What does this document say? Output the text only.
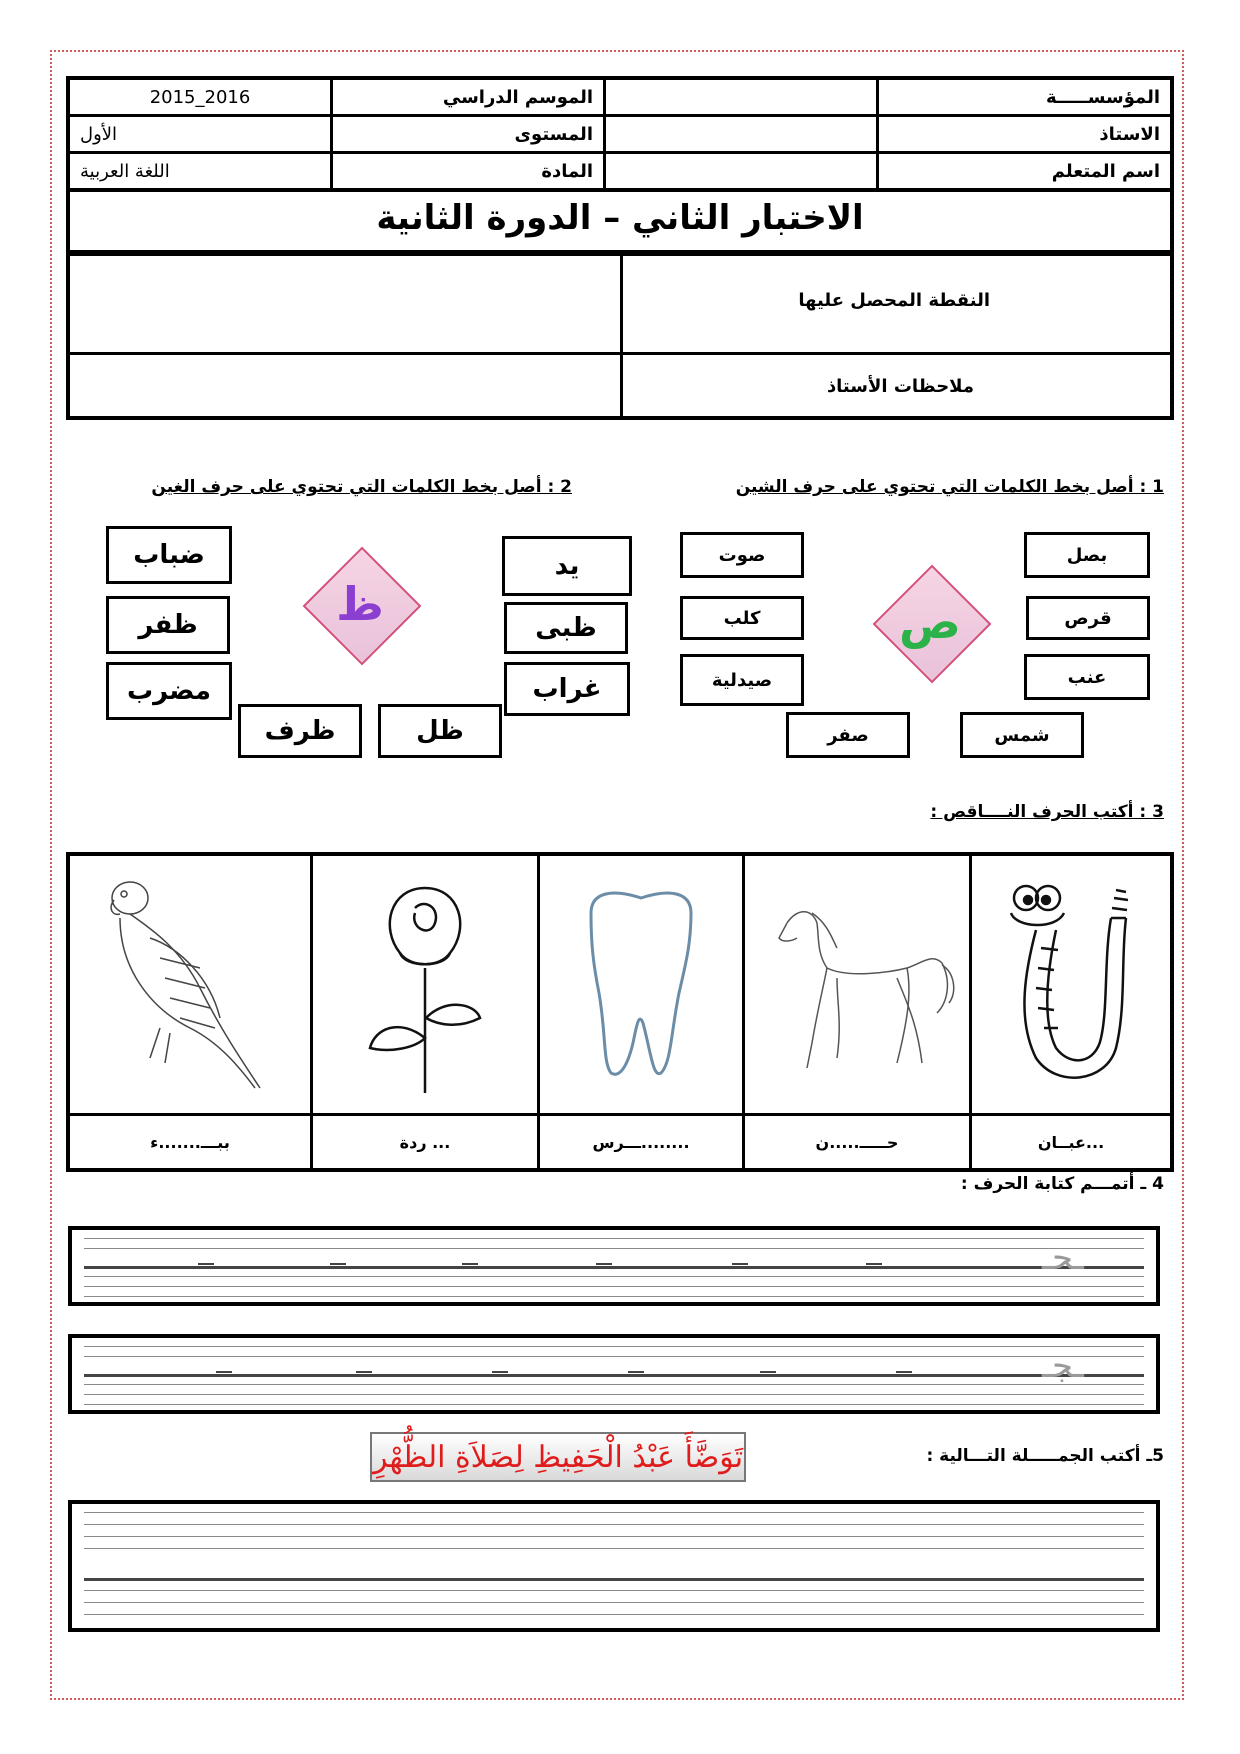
2016_2015	الموسم الدراسي		المؤسســـــة
الأول	المستوى		الاستاذ
اللغة العربية	المادة		اسم المتعلم
الاختبار الثاني – الدورة الثانية
النقطة المحصل عليها
ملاحظات الأستاذ
1 : أصل بخط الكلمات التي تحتوي على حرف الشين
2 : أصل بخط الكلمات التي تحتوي على حرف الغين
ص
بصل
قرص
عنب
صوت
كلب
صيدلية
شمس
صفر
ظ
يد
ظبى
غراب
ضباب
ظفر
مضرب
ظرف	ظل
3 : أكتب الحرف النــــاقص :

ببـــ.......ء	... ردة	........ـــرس	حـــــ.....ن	...عبــان
4 ـ أتمـــم كتابة الحرف :
ـحـ
ـجـ
5ـ أكتب الجمـــــلة التـــالية :
تَوَضَّأَ عَبْدُ الْحَفِيظِ لِصَلاَةِ الظُّهْرِ
